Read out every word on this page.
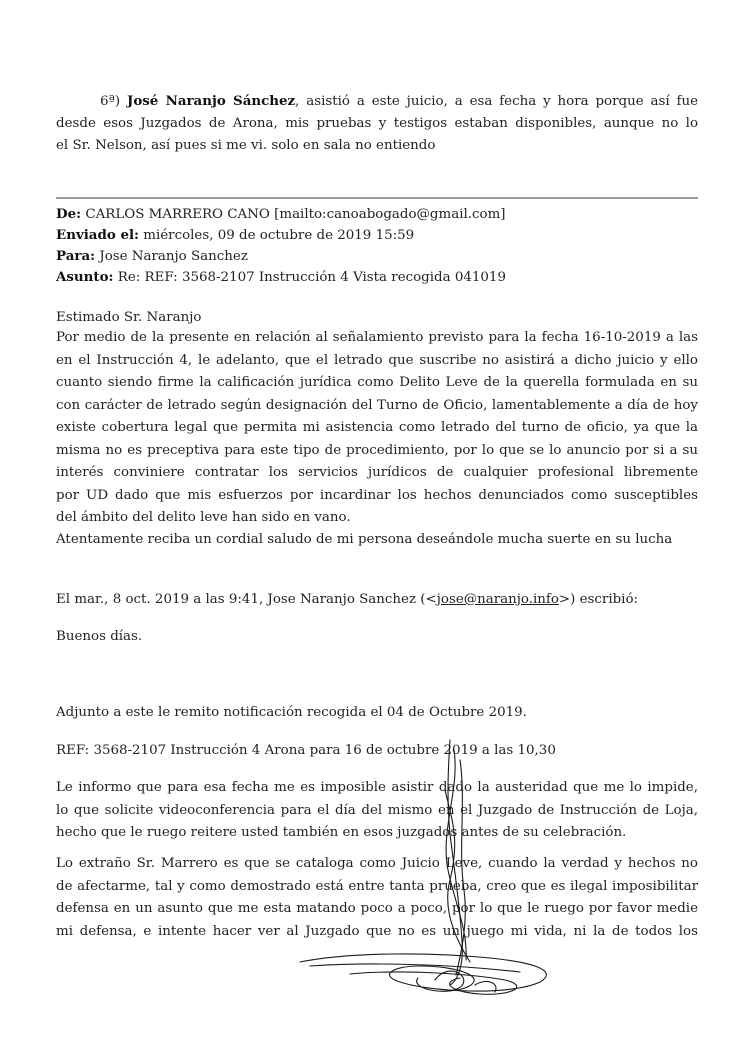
6ª) José Naranjo Sánchez, asistió a este juicio, a esa fecha y hora porque así fue
desde esos Juzgados de Arona, mis pruebas y testigos estaban disponibles, aunque no lo
el Sr. Nelson, así pues si me vi. solo en sala no entiendo
De: CARLOS MARRERO CANO [mailto:canoabogado@gmail.com]
Enviado el: miércoles, 09 de octubre de 2019 15:59
Para: Jose Naranjo Sanchez
Asunto: Re: REF: 3568-2107 Instrucción 4 Vista recogida 041019
Estimado Sr. Naranjo
Por medio de la presente en relación al señalamiento previsto para la fecha 16-10-2019 a las
en el Instrucción 4, le adelanto, que el letrado que suscribe no asistirá a dicho juicio y ello
cuanto siendo firme la calificación jurídica como Delito Leve de la querella formulada en su
con carácter de letrado según designación del Turno de Oficio, lamentablemente a día de hoy
existe cobertura legal que permita mi asistencia como letrado del turno de oficio, ya que la
misma no es preceptiva para este tipo de procedimiento, por lo que se lo anuncio por si a su
interés conviniere contratar los servicios jurídicos de cualquier profesional libremente
por UD dado que mis esfuerzos por incardinar los hechos denunciados como susceptibles
del ámbito del delito leve han sido en vano.
Atentamente reciba un cordial saludo de mi persona deseándole mucha suerte en su lucha
El mar., 8 oct. 2019 a las 9:41, Jose Naranjo Sanchez (<jose@naranjo.info>) escribió:
Buenos días.
Adjunto a este le remito notificación recogida el 04 de Octubre 2019.
REF: 3568-2107 Instrucción 4 Arona para 16 de octubre 2019 a las 10,30
Le informo que para esa fecha me es imposible asistir dado la austeridad que me lo impide,
lo que solicite videoconferencia para el día del mismo en el Juzgado de Instrucción de Loja,
hecho que le ruego reitere usted también en esos juzgados antes de su celebración.
Lo extraño Sr. Marrero es que se cataloga como Juicio Leve, cuando la verdad y hechos no
de afectarme, tal y como demostrado está entre tanta prueba, creo que es ilegal imposibilitar
defensa en un asunto que me esta matando poco a poco, por lo que le ruego por favor medie
mi defensa, e intente hacer ver al Juzgado que no es un juego mi vida, ni la de todos los
